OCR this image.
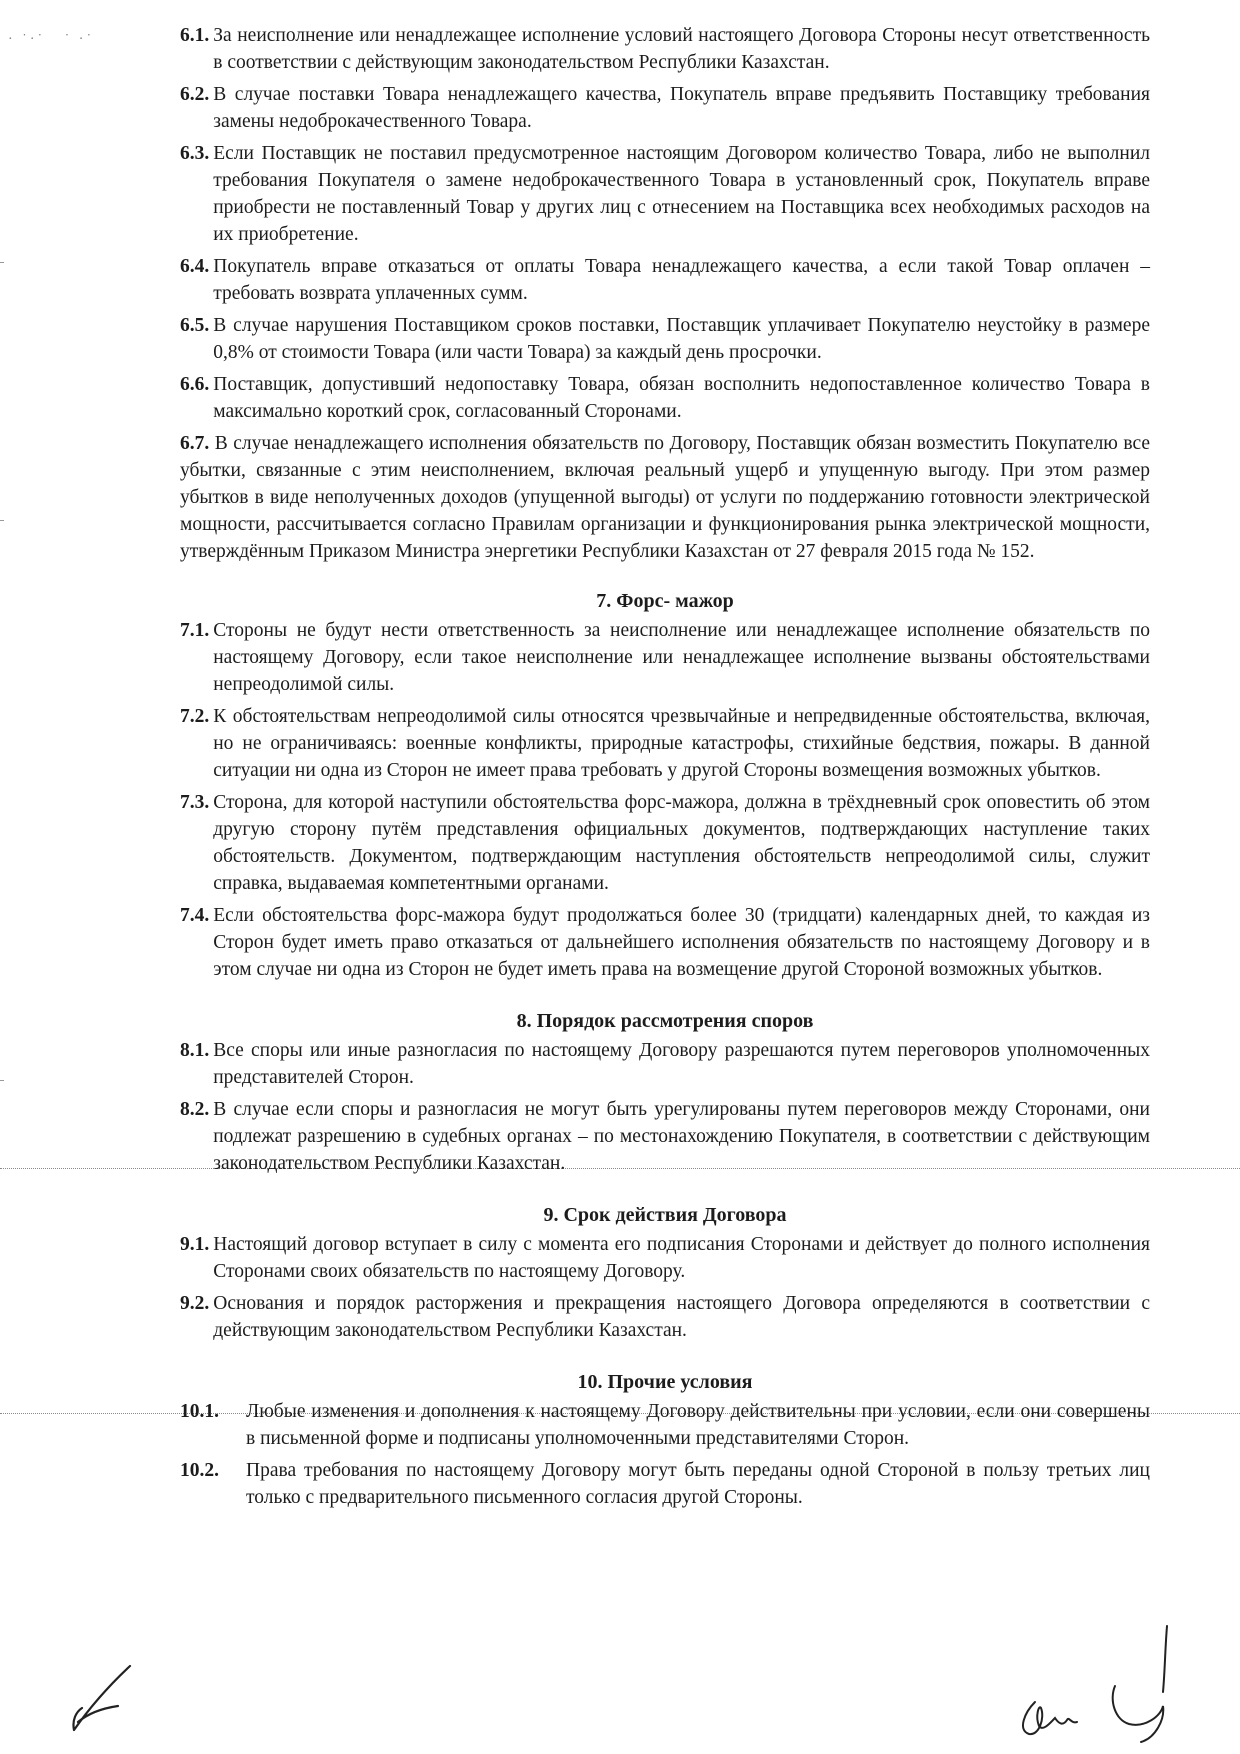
· ˙·˙   ˙ ·˙	6.1. За неисполнение или ненадлежащее исполнение условий настоящего Договора Стороны несут ответственность в соответствии с действующим законодательством Республики Казахстан.
6.2. В случае поставки Товара ненадлежащего качества, Покупатель вправе предъявить Поставщику требования замены недоброкачественного Товара.
6.3. Если Поставщик не поставил предусмотренное настоящим Договором количество Товара, либо не выполнил требования Покупателя о замене недоброкачественного Товара в установленный срок, Покупатель вправе приобрести не поставленный Товар у других лиц с отнесением на Поставщика всех необходимых расходов на их приобретение.
6.4. Покупатель вправе отказаться от оплаты Товара ненадлежащего качества, а если такой Товар оплачен – требовать возврата уплаченных сумм.
6.5. В случае нарушения Поставщиком сроков поставки, Поставщик уплачивает Покупателю неустойку в размере 0,8% от стоимости Товара (или части Товара) за каждый день просрочки.
6.6. Поставщик, допустивший недопоставку Товара, обязан восполнить недопоставленное количество Товара в максимально короткий срок, согласованный Сторонами.
6.7. В случае ненадлежащего исполнения обязательств по Договору, Поставщик обязан возместить Покупателю все убытки, связанные с этим неисполнением, включая реальный ущерб и упущенную выгоду. При этом размер убытков в виде неполученных доходов (упущенной выгоды) от услуги по поддержанию готовности электрической мощности, рассчитывается согласно Правилам организации и функционирования рынка электрической мощности, утверждённым Приказом Министра энергетики Республики Казахстан от 27 февраля 2015 года № 152.
7. Форс- мажор
7.1. Стороны не будут нести ответственность за неисполнение или ненадлежащее исполнение обязательств по настоящему Договору, если такое неисполнение или ненадлежащее исполнение вызваны обстоятельствами непреодолимой силы.
7.2. К обстоятельствам непреодолимой силы относятся чрезвычайные и непредвиденные обстоятельства, включая, но не ограничиваясь: военные конфликты, природные катастрофы, стихийные бедствия, пожары. В данной ситуации ни одна из Сторон не имеет права требовать у другой Стороны возмещения возможных убытков.
7.3. Сторона, для которой наступили обстоятельства форс-мажора, должна в трёхдневный срок оповестить об этом другую сторону путём представления официальных документов, подтверждающих наступление таких обстоятельств. Документом, подтверждающим наступления обстоятельств непреодолимой силы, служит справка, выдаваемая компетентными органами.
7.4. Если обстоятельства форс-мажора будут продолжаться более 30 (тридцати) календарных дней, то каждая из Сторон будет иметь право отказаться от дальнейшего исполнения обязательств по настоящему Договору и в этом случае ни одна из Сторон не будет иметь права на возмещение другой Стороной возможных убытков.
8. Порядок рассмотрения споров
8.1. Все споры или иные разногласия по настоящему Договору разрешаются путем переговоров уполномоченных представителей Сторон.
8.2. В случае если споры и разногласия не могут быть урегулированы путем переговоров между Сторонами, они подлежат разрешению в судебных органах – по местонахождению Покупателя, в соответствии с действующим законодательством Республики Казахстан.
9. Срок действия Договора
9.1. Настоящий договор вступает в силу с момента его подписания Сторонами и действует до полного исполнения Сторонами своих обязательств по настоящему Договору.
9.2. Основания и порядок расторжения и прекращения настоящего Договора определяются в соответствии с действующим законодательством Республики Казахстан.
10. Прочие условия
10.1.	Любые изменения и дополнения к настоящему Договору действительны при условии, если они совершены в письменной форме и подписаны уполномоченными представителями Сторон.
10.2.	Права требования по настоящему Договору могут быть переданы одной Стороной в пользу третьих лиц только с предварительного письменного согласия другой Стороны.
